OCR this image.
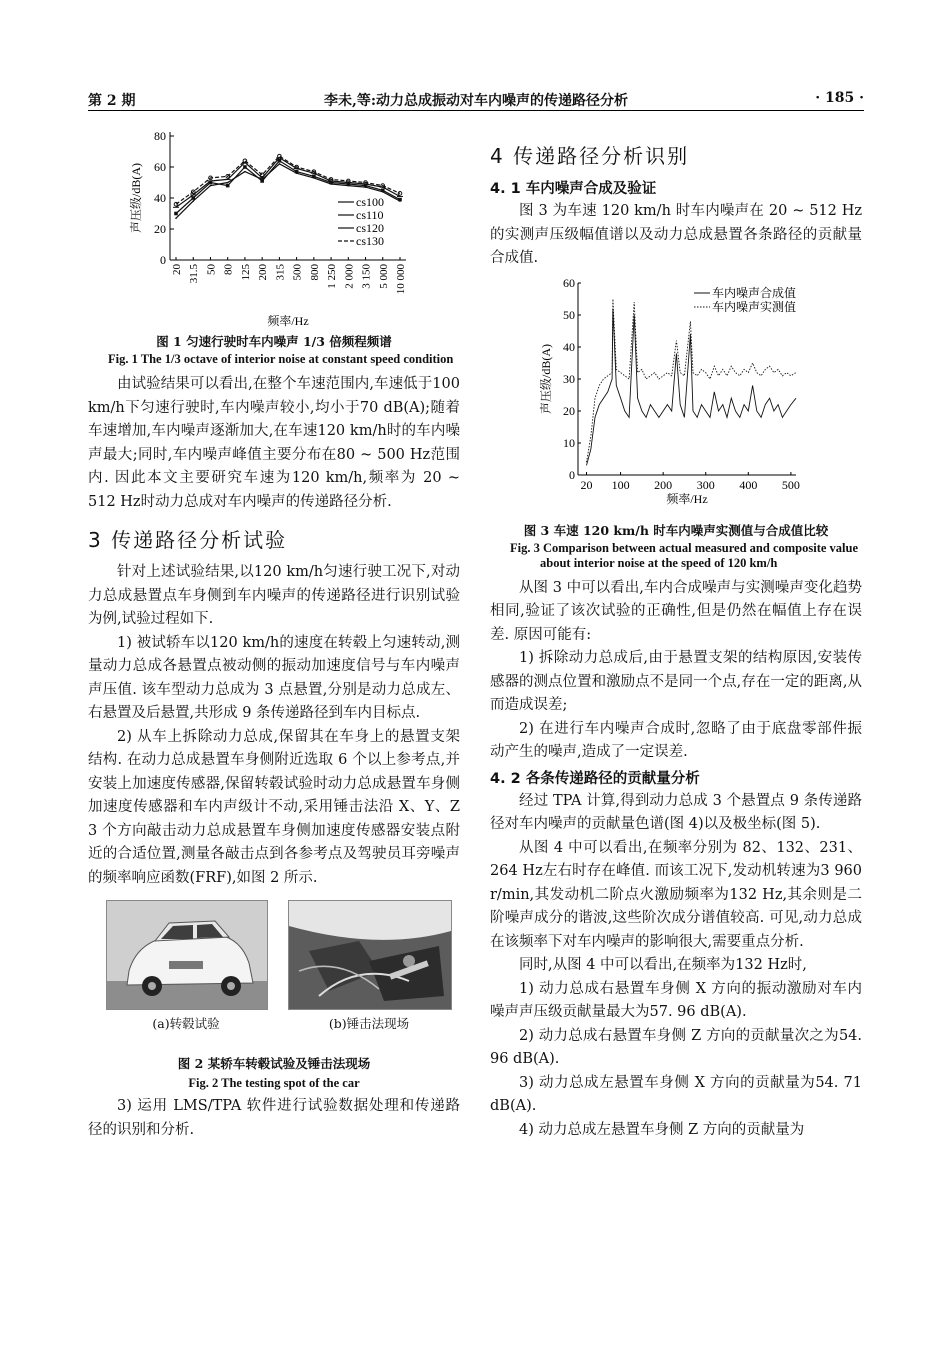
第 2 期	李未,等:动力总成振动对车内噪声的传递路径分析	· 185 ·
0
20
40
60
80
20 31.5 50 80 125 200 315 500 800 1 250 2 000 3 150 5 000 10 000
声压级/dB(A)
频率/Hz
cs100
cs110
cs120
cs130

图 1 匀速行驶时车内噪声 1/3 倍频程频谱

Fig. 1 The 1/3 octave of interior noise at constant speed condition

由试验结果可以看出,在整个车速范围内,车速低于100 km/h下匀速行驶时,车内噪声较小,均小于70 dB(A);随着车速增加,车内噪声逐渐加大,在车速120 km/h时的车内噪声最大;同时,车内噪声峰值主要分布在80 ~ 500 Hz范围内. 因此本文主要研究车速为120 km/h,频率为 20 ~ 512 Hz时动力总成对车内噪声的传递路径分析.

3 传递路径分析试验

针对上述试验结果,以120 km/h匀速行驶工况下,对动力总成悬置点车身侧到车内噪声的传递路径进行识别试验为例,试验过程如下.

1) 被试轿车以120 km/h的速度在转毂上匀速转动,测量动力总成各悬置点被动侧的振动加速度信号与车内噪声声压值. 该车型动力总成为 3 点悬置,分别是动力总成左、右悬置及后悬置,共形成 9 条传递路径到车内目标点.

2) 从车上拆除动力总成,保留其在车身上的悬置支架结构. 在动力总成悬置车身侧附近选取 6 个以上参考点,并安装上加速度传感器,保留转毂试验时动力总成悬置车身侧加速度传感器和车内声级计不动,采用锤击法沿 X、Y、Z 3 个方向敲击动力总成悬置车身侧加速度传感器安装点附近的合适位置,测量各敲击点到各参考点及驾驶员耳旁噪声的频率响应函数(FRF),如图 2 所示.

(a)转毂试验	(b)锤击法现场

图 2 某轿车转毂试验及锤击法现场

Fig. 2 The testing spot of the car

3) 运用 LMS/TPA 软件进行试验数据处理和传递路径的识别和分析.

4 传递路径分析识别
4. 1 车内噪声合成及验证

图 3 为车速 120 km/h 时车内噪声在 20 ~ 512 Hz的实测声压级幅值谱以及动力总成悬置各条路径的贡献量合成值.

0
10
20
30
40
50
60
20 100 200 300 400 500
声压级/dB(A)
频率/Hz
车内噪声合成值
车内噪声实测值

图 3 车速 120 km/h 时车内噪声实测值与合成值比较

Fig. 3 Comparison between actual measured and composite value about interior noise at the speed of 120 km/h

从图 3 中可以看出,车内合成噪声与实测噪声变化趋势相同,验证了该次试验的正确性,但是仍然在幅值上存在误差. 原因可能有:

1) 拆除动力总成后,由于悬置支架的结构原因,安装传感器的测点位置和激励点不是同一个点,存在一定的距离,从而造成误差;

2) 在进行车内噪声合成时,忽略了由于底盘零部件振动产生的噪声,造成了一定误差.

4. 2 各条传递路径的贡献量分析

经过 TPA 计算,得到动力总成 3 个悬置点 9 条传递路径对车内噪声的贡献量色谱(图 4)以及极坐标(图 5).

从图 4 中可以看出,在频率分别为 82、132、231、264 Hz左右时存在峰值. 而该工况下,发动机转速为3 960 r/min,其发动机二阶点火激励频率为132 Hz,其余则是二阶噪声成分的谐波,这些阶次成分谱值较高. 可见,动力总成在该频率下对车内噪声的影响很大,需要重点分析.

同时,从图 4 中可以看出,在频率为132 Hz时,

1) 动力总成右悬置车身侧 X 方向的振动激励对车内噪声声压级贡献量最大为57. 96 dB(A).

2) 动力总成右悬置车身侧 Z 方向的贡献量次之为54. 96 dB(A).

3) 动力总成左悬置车身侧 X 方向的贡献量为54. 71 dB(A).

4) 动力总成左悬置车身侧 Z 方向的贡献量为
